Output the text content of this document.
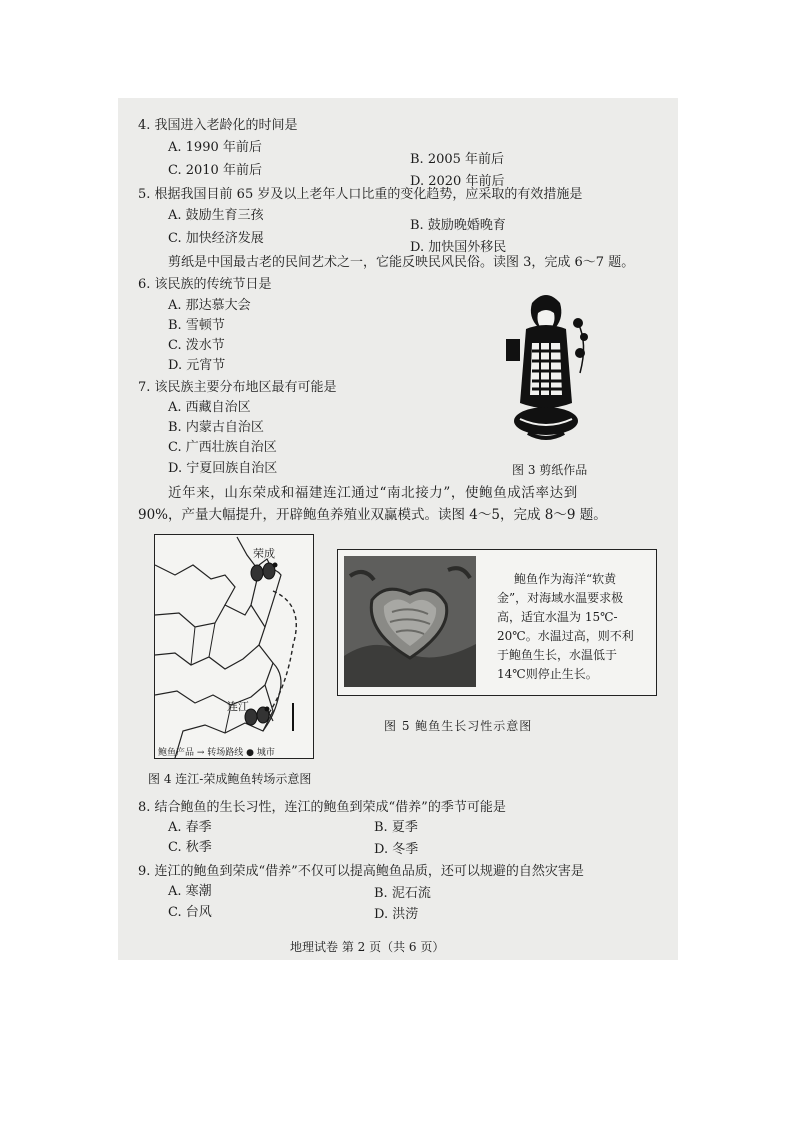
4. 我国进入老龄化的时间是
A. 1990 年前后
B. 2005 年前后
C. 2010 年前后
D. 2020 年前后
5. 根据我国目前 65 岁及以上老年人口比重的变化趋势，应采取的有效措施是
A. 鼓励生育三孩
B. 鼓励晚婚晚育
C. 加快经济发展
D. 加快国外移民
剪纸是中国最古老的民间艺术之一，它能反映民风民俗。读图 3，完成 6～7 题。
6. 该民族的传统节日是
A. 那达慕大会
B. 雪顿节
C. 泼水节
D. 元宵节
7. 该民族主要分布地区最有可能是
A. 西藏自治区
B. 内蒙古自治区
C. 广西壮族自治区
D. 宁夏回族自治区	图 3 剪纸作品
近年来，山东荣成和福建连江通过“南北接力”，使鲍鱼成活率达到
90%，产量大幅提升，开辟鲍鱼养殖业双赢模式。读图 4～5，完成 8～9 题。
荣成
连江
鲍鱼产品 → 转场路线 ● 城市
图 4 连江-荣成鲍鱼转场示意图
鲍鱼作为海洋“软黄
金”，对海域水温要求极
高，适宜水温为 15℃-
20℃。水温过高，则不利
于鲍鱼生长，水温低于
14℃则停止生长。
图 5 鲍鱼生长习性示意图
8. 结合鲍鱼的生长习性，连江的鲍鱼到荣成“借养”的季节可能是
A. 春季	B. 夏季
C. 秋季	D. 冬季
9. 连江的鲍鱼到荣成“借养”不仅可以提高鲍鱼品质，还可以规避的自然灾害是
A. 寒潮	B. 泥石流
C. 台风	D. 洪涝
地理试卷 第 2 页（共 6 页）
